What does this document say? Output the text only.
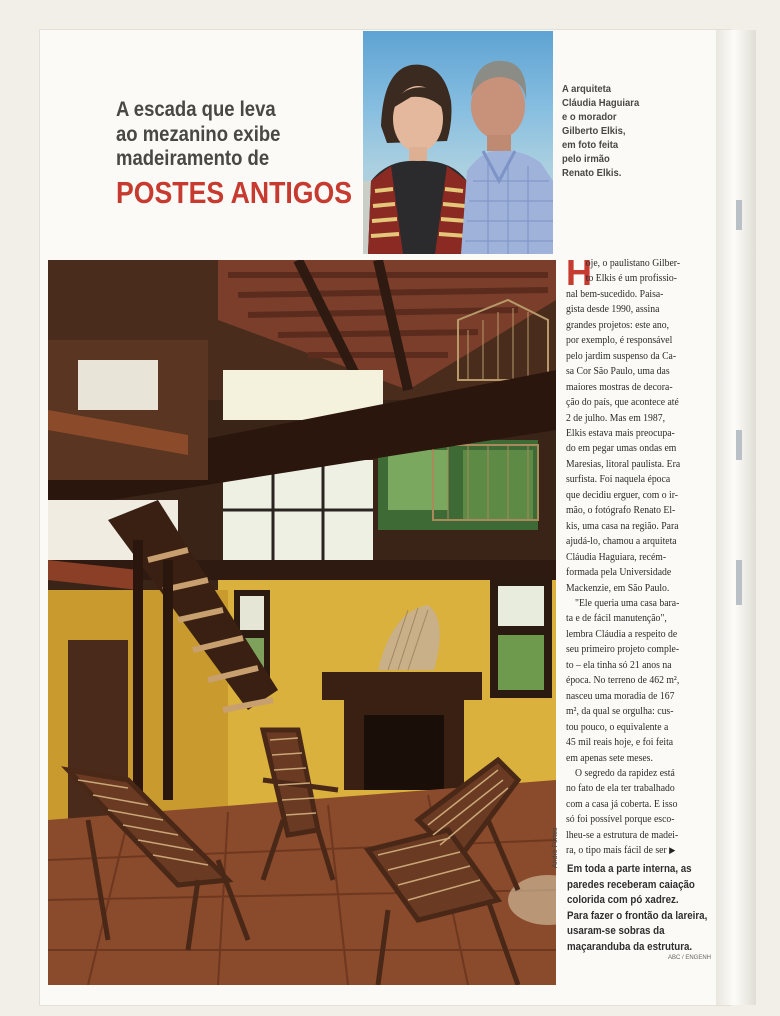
A escada que leva
ao mezanino exibe
madeiramento de
POSTES ANTIGOS
A arquiteta
Cláudia Haguiara
e o morador
Gilberto Elkis,
em foto feita
pelo irmão
Renato Elkis.
André Fortes
H
oje, o paulistano Gilber-
to Elkis é um profissio-
nal bem-sucedido. Paisa-
gista desde 1990, assina
grandes projetos: este ano,
por exemplo, é responsável
pelo jardim suspenso da Ca-
sa Cor São Paulo, uma das
maiores mostras de decora-
ção do país, que acontece até
2 de julho. Mas em 1987,
Elkis estava mais preocupa-
do em pegar umas ondas em
Maresias, litoral paulista. Era
surfista. Foi naquela época
que decidiu erguer, com o ir-
mão, o fotógrafo Renato El-
kis, uma casa na região. Para
ajudá-lo, chamou a arquiteta
Cláudia Haguiara, recém-
formada pela Universidade
Mackenzie, em São Paulo.
"Ele queria uma casa bara-
ta e de fácil manutenção",
lembra Cláudia a respeito de
seu primeiro projeto comple-
to – ela tinha só 21 anos na
época. No terreno de 462 m²,
nasceu uma moradia de 167
m², da qual se orgulha: cus-
tou pouco, o equivalente a
45 mil reais hoje, e foi feita
em apenas sete meses.
O segredo da rapidez está
no fato de ela ter trabalhado
com a casa já coberta. E isso
só foi possível porque esco-
lheu-se a estrutura de madei-
ra, o tipo mais fácil de ser ▶
Em toda a parte interna, as
paredes receberam caiação
colorida com pó xadrez.
Para fazer o frontão da lareira,
usaram-se sobras da
maçaranduba da estrutura.
ABC / ENGENH
